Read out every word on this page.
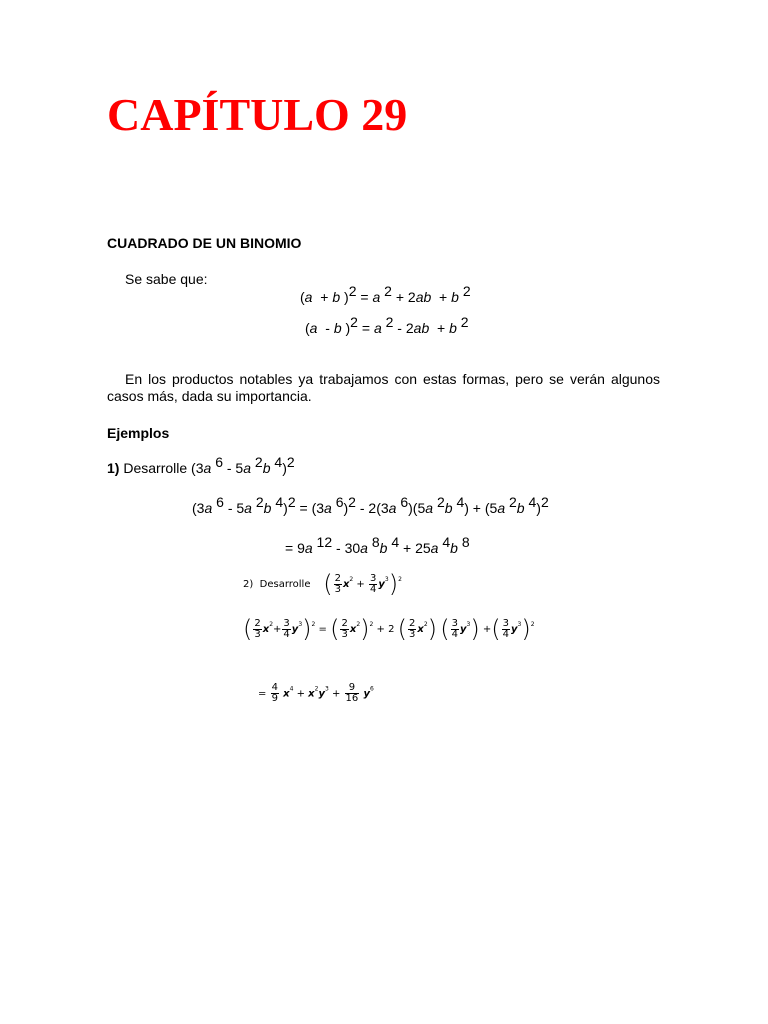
CAPÍTULO 29
CUADRADO DE UN BINOMIO
Se sabe que:
(a  + b )$^2$ = a $^2$ + 2ab  + b $^2$
(a  - b )$^2$ = a $^2$ - 2ab  + b $^2$
En los productos notables ya trabajamos con estas formas, pero se verán algunos casos más, dada su importancia.
Ejemplos
1) Desarrolle (3a $^6$ - 5a $^2$b $^4$)$^2$
(3a $^6$ - 5a $^2$b $^4$)$^2$ = (3a $^6$)$^2$ - 2(3a $^6$)(5a $^2$b $^4$) + (5a $^2$b $^4$)$^2$
= 9a $^{12}$ - 30a $^8$b $^4$ + 25a $^4$b $^8$
2) Desarrolle ( $\frac{2}{3} x^2 + \frac{3}{4} y^3)^2$
( $\frac{2}{3} x^2+ \frac{3}{4} y^3)^2$ = ( $\frac{2}{3} x^2)^2 + 2$ ( $\frac{2}{3} x^2$) ( $\frac{3}{4} y^3$) +( $\frac{3}{4} y^3)^2$
= $\frac{4}{9} x^4 + x^2y^3 + \frac{9}{16} y^6$
